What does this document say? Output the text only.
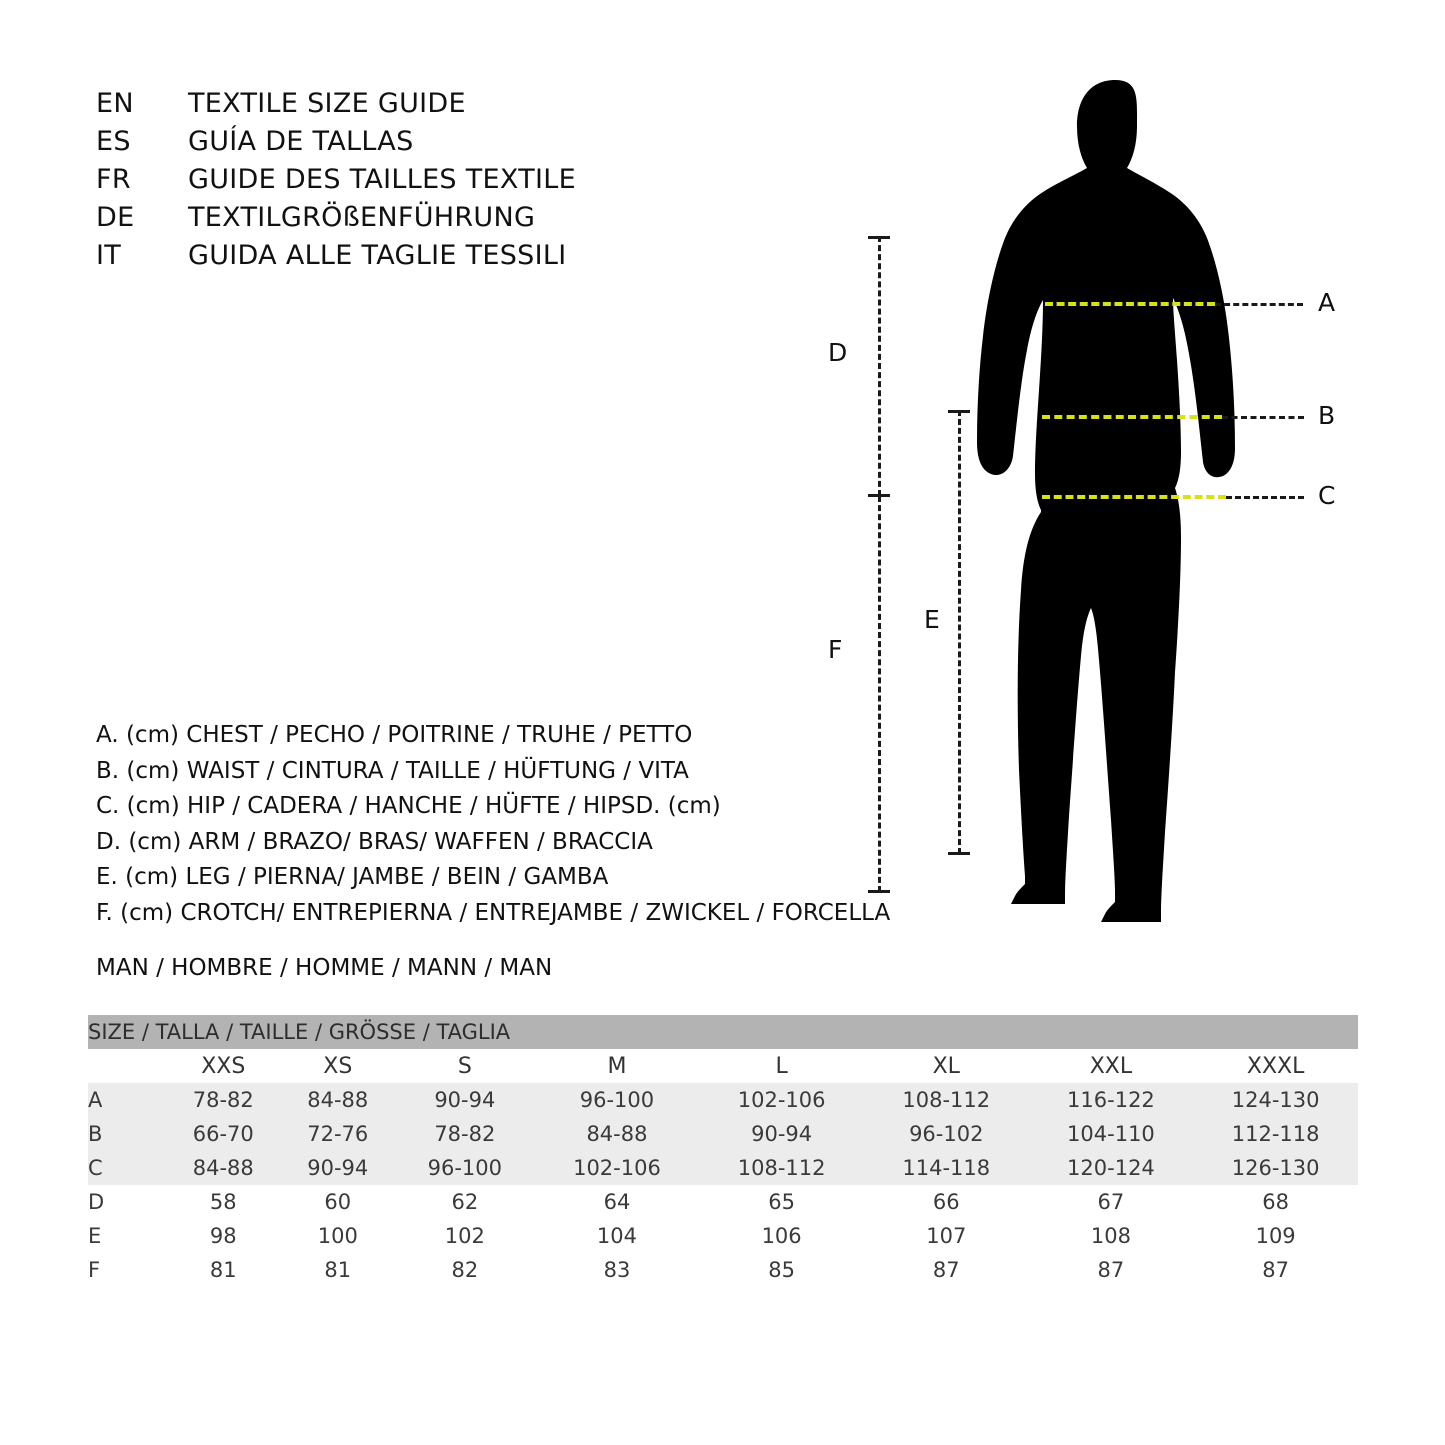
EN	TEXTILE SIZE GUIDE
ES	GUÍA DE TALLAS
FR	GUIDE DES TAILLES TEXTILE
DE	TEXTILGRÖßENFÜHRUNG
IT	GUIDA ALLE TAGLIE TESSILI
A. (cm) CHEST / PECHO / POITRINE / TRUHE / PETTO
B. (cm) WAIST / CINTURA / TAILLE / HÜFTUNG / VITA
C. (cm) HIP / CADERA / HANCHE / HÜFTE / HIPSD. (cm)
D. (cm) ARM / BRAZO/ BRAS/ WAFFEN / BRACCIA
E. (cm) LEG / PIERNA/ JAMBE / BEIN / GAMBA
F. (cm) CROTCH/ ENTREPIERNA / ENTREJAMBE / ZWICKEL / FORCELLA
MAN / HOMBRE / HOMME / MANN / MAN
A
B
C
D
E
F
SIZE / TALLA / TAILLE / GRÖSSE / TAGLIA								
	XXS	XS	S	M	L	XL	XXL	XXXL
A	78-82	84-88	90-94	96-100	102-106	108-112	116-122	124-130
B	66-70	72-76	78-82	84-88	90-94	96-102	104-110	112-118
C	84-88	90-94	96-100	102-106	108-112	114-118	120-124	126-130
D	58	60	62	64	65	66	67	68
E	98	100	102	104	106	107	108	109
F	81	81	82	83	85	87	87	87
